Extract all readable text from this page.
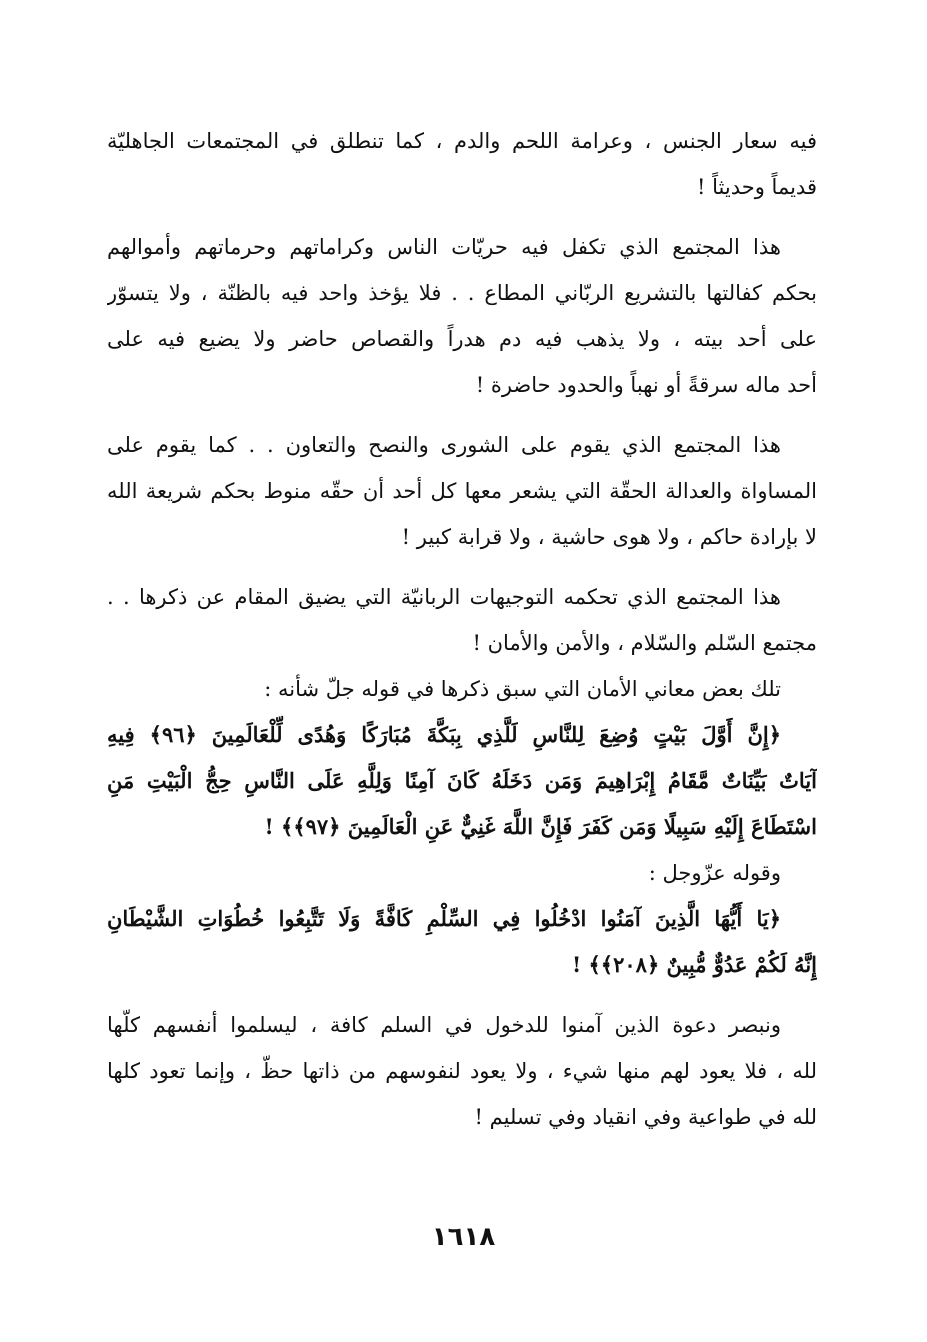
فيه سعار الجنس ، وعرامة اللحم والدم ، كما تنطلق في المجتمعات الجاهليّة
قديماً وحديثاً !
هذا المجتمع الذي تكفل فيه حريّات الناس وكراماتهم وحرماتهم وأموالهم
بحكم كفالتها بالتشريع الربّاني المطاع . . فلا يؤخذ واحد فيه بالظنّة ، ولا يتسوّر
على أحد بيته ، ولا يذهب فيه دم هدراً والقصاص حاضر ولا يضيع فيه على
أحد ماله سرقةً أو نهباً والحدود حاضرة !
هذا المجتمع الذي يقوم على الشورى والنصح والتعاون . . كما يقوم على
المساواة والعدالة الحقّة التي يشعر معها كل أحد أن حقّه منوط بحكم شريعة الله
لا بإرادة حاكم ، ولا هوى حاشية ، ولا قرابة كبير !
هذا المجتمع الذي تحكمه التوجيهات الربانيّة التي يضيق المقام عن ذكرها . .
مجتمع السّلم والسّلام ، والأمن والأمان !
تلك بعض معاني الأمان التي سبق ذكرها في قوله جلّ شأنه :
﴿إِنَّ أَوَّلَ بَيْتٍ وُضِعَ لِلنَّاسِ لَلَّذِي بِبَكَّةَ مُبَارَكًا وَهُدًى لِّلْعَالَمِينَ ﴿٩٦﴾ فِيهِ
آيَاتٌ بَيِّنَاتٌ مَّقَامُ إِبْرَاهِيمَ وَمَن دَخَلَهُ كَانَ آمِنًا وَلِلَّهِ عَلَى النَّاسِ حِجُّ الْبَيْتِ مَنِ
اسْتَطَاعَ إِلَيْهِ سَبِيلًا وَمَن كَفَرَ فَإِنَّ اللَّهَ غَنِيٌّ عَنِ الْعَالَمِينَ ﴿٩٧﴾﴾ !
وقوله عزّوجل :
﴿يَا أَيُّهَا الَّذِينَ آمَنُوا ادْخُلُوا فِي السِّلْمِ كَافَّةً وَلَا تَتَّبِعُوا خُطُوَاتِ الشَّيْطَانِ
إِنَّهُ لَكُمْ عَدُوٌّ مُّبِينٌ ﴿٢٠٨﴾﴾ !
ونبصر دعوة الذين آمنوا للدخول في السلم كافة ، ليسلموا أنفسهم كلّها
لله ، فلا يعود لهم منها شيء ، ولا يعود لنفوسهم من ذاتها حظّ ، وإنما تعود كلها
لله في طواعية وفي انقياد وفي تسليم !
١٦١٨
